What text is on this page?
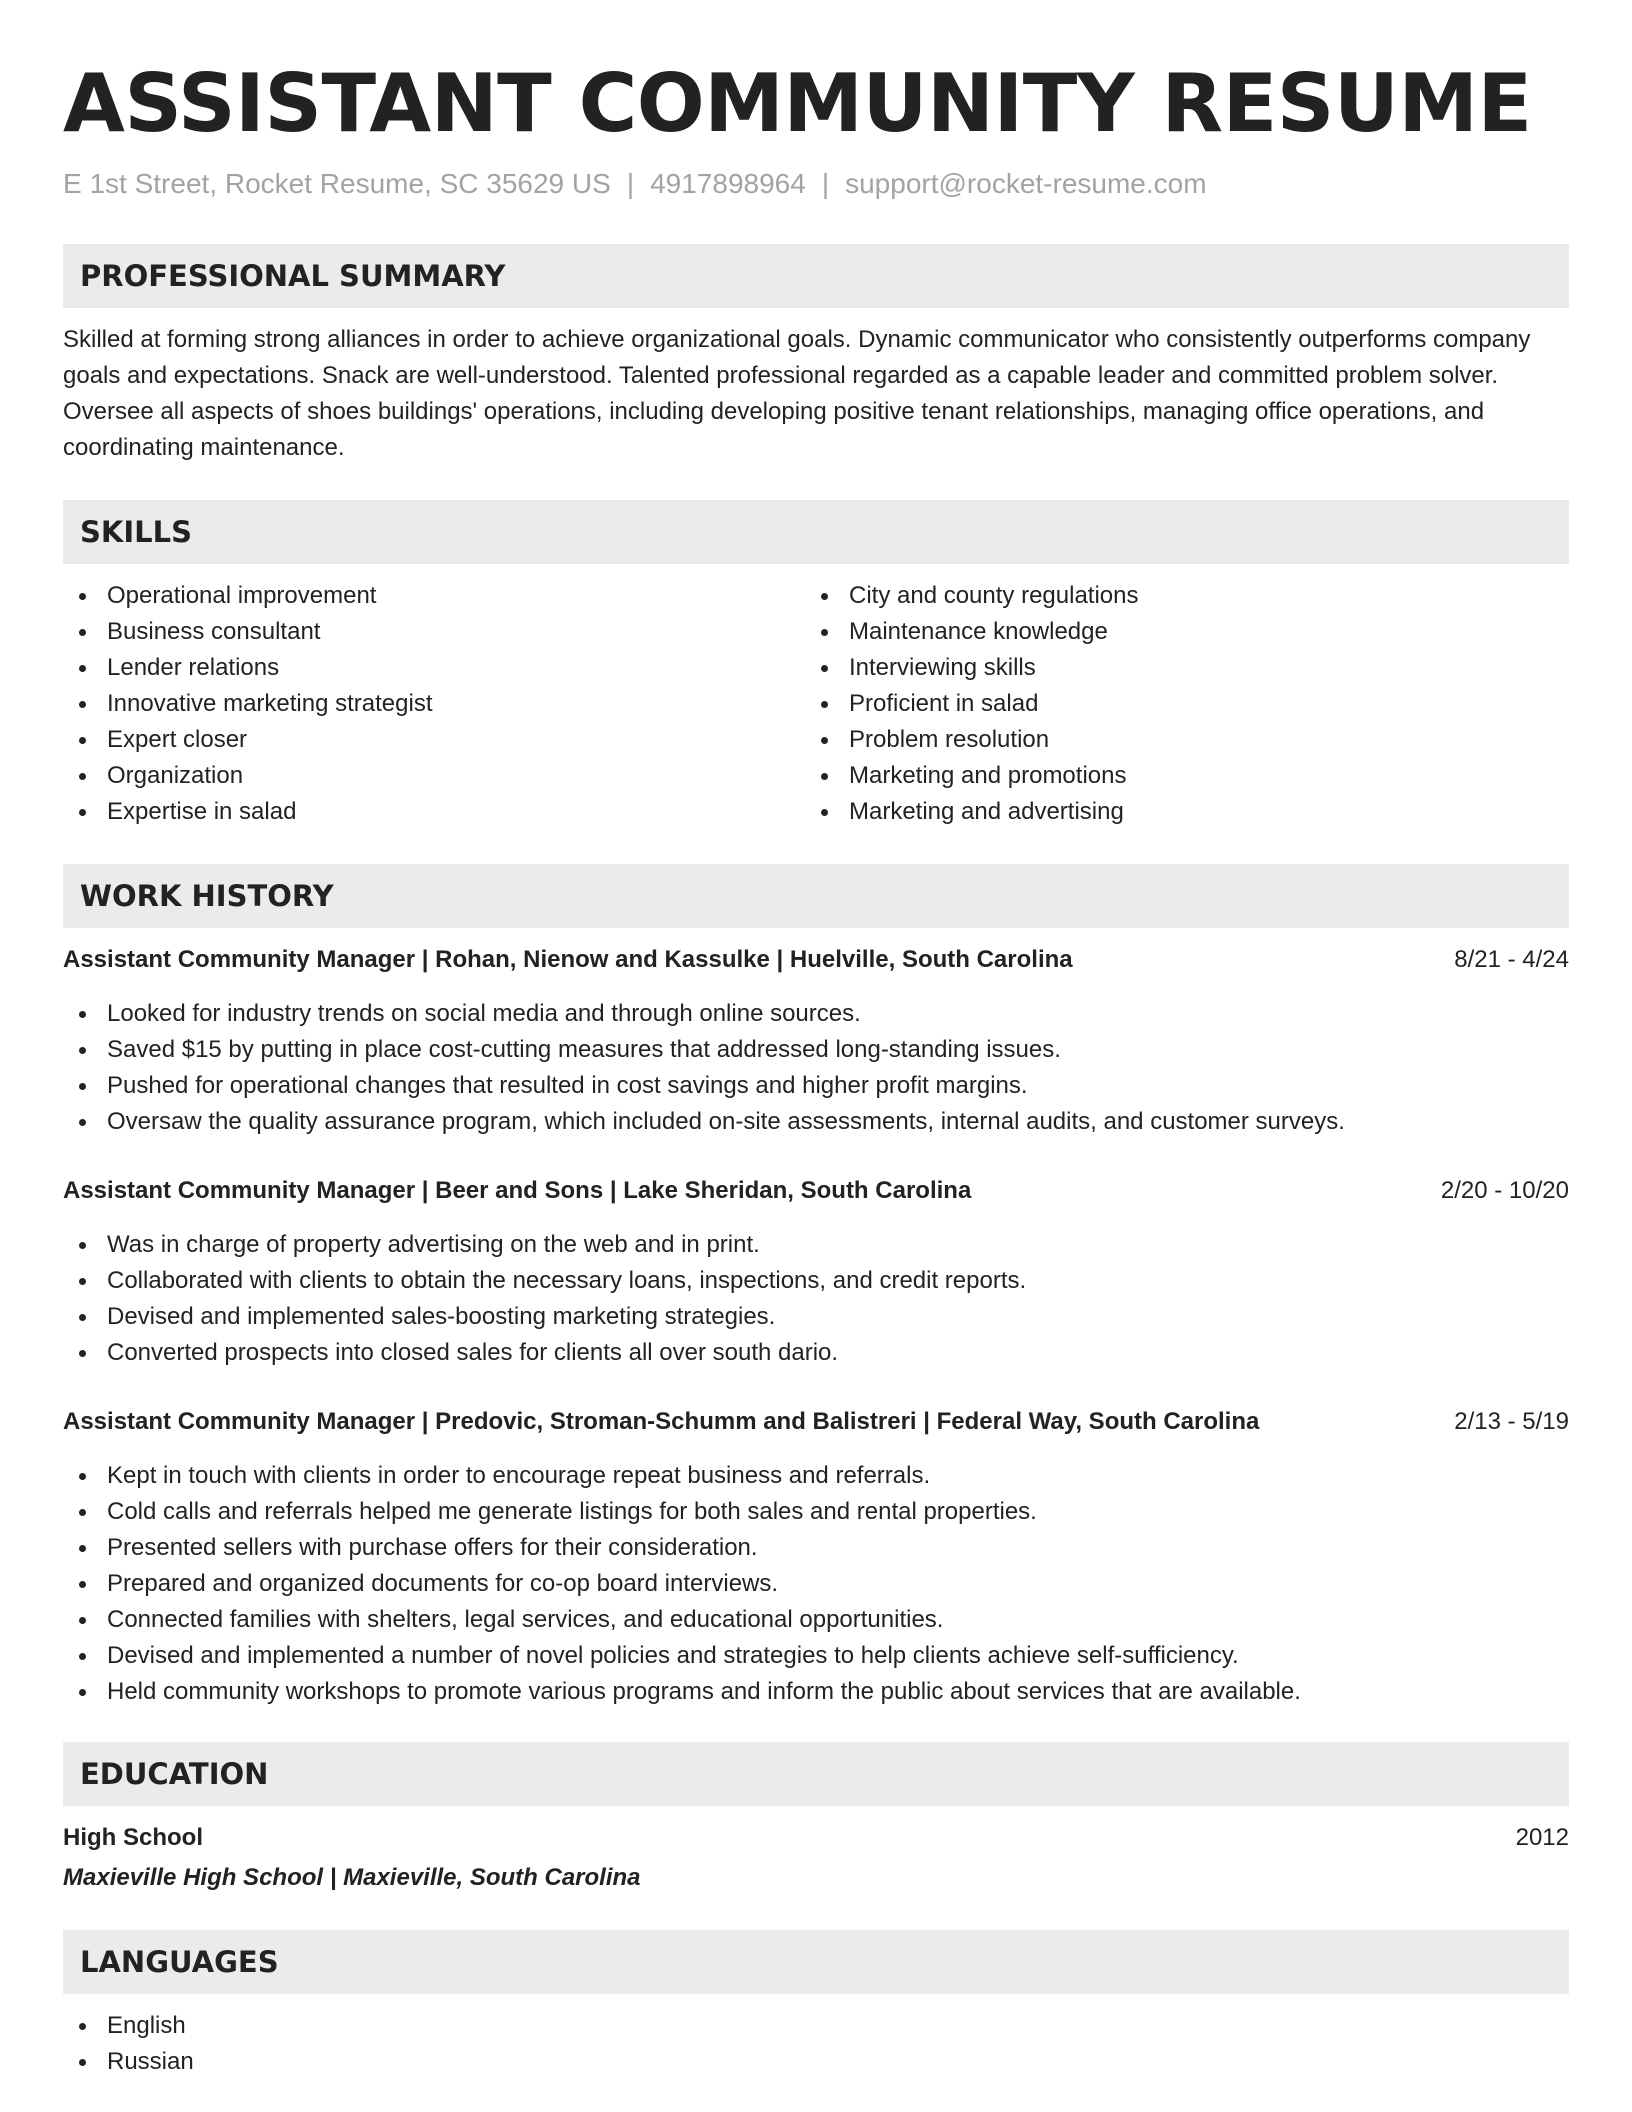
ASSISTANT COMMUNITY RESUME
E 1st Street, Rocket Resume, SC 35629 US | 4917898964 | support@rocket-resume.com
PROFESSIONAL SUMMARY

Skilled at forming strong alliances in order to achieve organizational goals. Dynamic communicator who consistently outperforms company goals and expectations. Snack are well-understood. Talented professional regarded as a capable leader and committed problem solver. Oversee all aspects of shoes buildings' operations, including developing positive tenant relationships, managing office operations, and coordinating maintenance.

SKILLS
Operational improvement
Business consultant
Lender relations
Innovative marketing strategist
Expert closer
Organization
Expertise in salad
City and county regulations
Maintenance knowledge
Interviewing skills
Proficient in salad
Problem resolution
Marketing and promotions
Marketing and advertising
WORK HISTORY
Assistant Community Manager | Rohan, Nienow and Kassulke | Huelville, South Carolina	8/21 - 4/24
Looked for industry trends on social media and through online sources.
Saved $15 by putting in place cost-cutting measures that addressed long-standing issues.
Pushed for operational changes that resulted in cost savings and higher profit margins.
Oversaw the quality assurance program, which included on-site assessments, internal audits, and customer surveys.
Assistant Community Manager | Beer and Sons | Lake Sheridan, South Carolina	2/20 - 10/20
Was in charge of property advertising on the web and in print.
Collaborated with clients to obtain the necessary loans, inspections, and credit reports.
Devised and implemented sales-boosting marketing strategies.
Converted prospects into closed sales for clients all over south dario.
Assistant Community Manager | Predovic, Stroman-Schumm and Balistreri | Federal Way, South Carolina	2/13 - 5/19
Kept in touch with clients in order to encourage repeat business and referrals.
Cold calls and referrals helped me generate listings for both sales and rental properties.
Presented sellers with purchase offers for their consideration.
Prepared and organized documents for co-op board interviews.
Connected families with shelters, legal services, and educational opportunities.
Devised and implemented a number of novel policies and strategies to help clients achieve self-sufficiency.
Held community workshops to promote various programs and inform the public about services that are available.
EDUCATION
High School	2012
Maxieville High School | Maxieville, South Carolina
LANGUAGES
English
Russian
